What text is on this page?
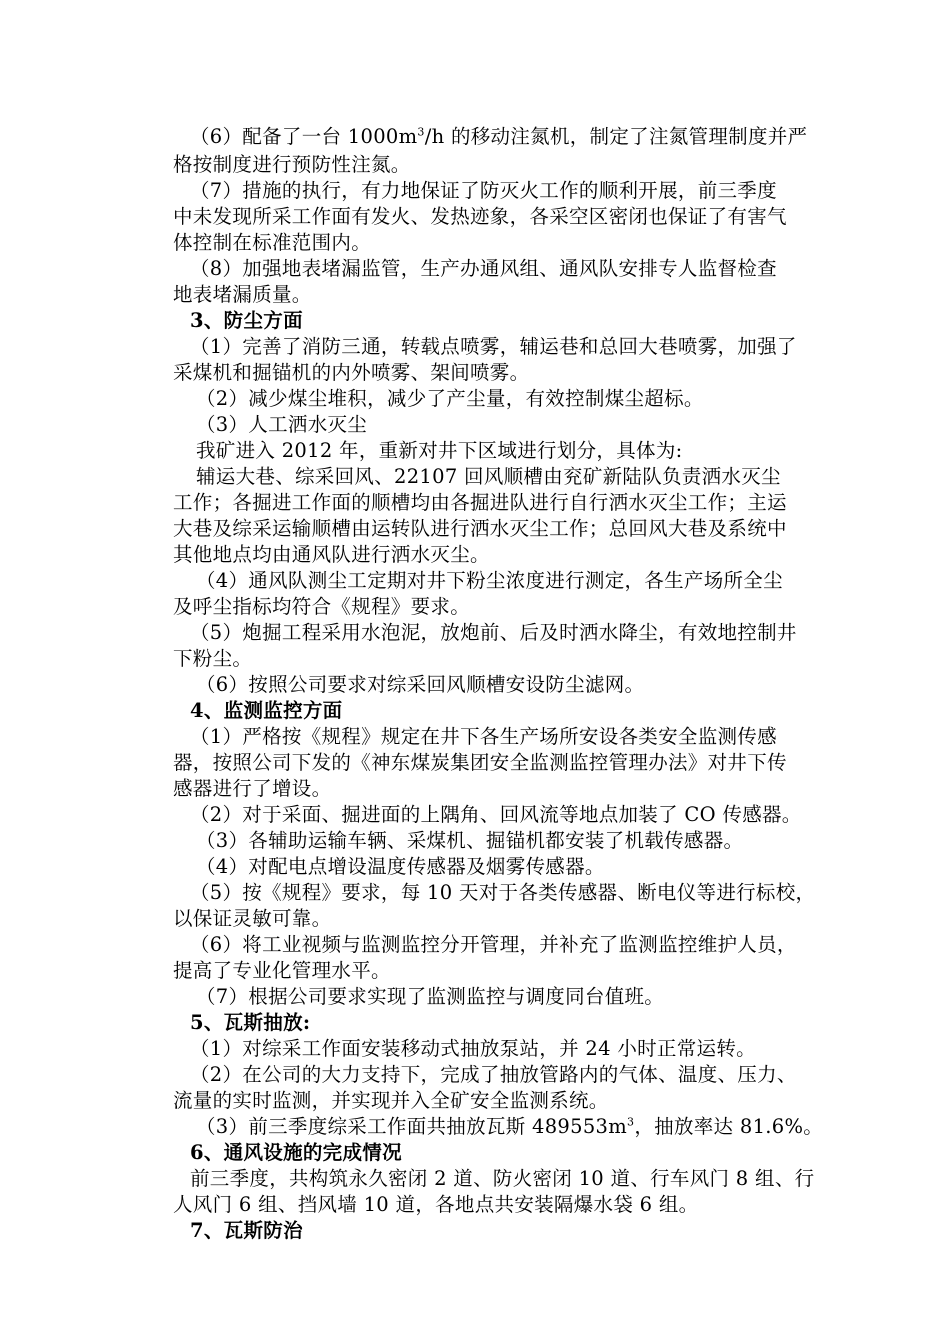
（6）配备了一台 $1000m^3/h$ 的移动注氮机，制定了注氮管理制度并严
格按制度进行预防性注氮。
（7）措施的执行，有力地保证了防灭火工作的顺利开展，前三季度
中未发现所采工作面有发火、发热迹象，各采空区密闭也保证了有害气
体控制在标准范围内。
（8）加强地表堵漏监管，生产办通风组、通风队安排专人监督检查
地表堵漏质量。
3、防尘方面
（1）完善了消防三通，转载点喷雾，辅运巷和总回大巷喷雾，加强了
采煤机和掘锚机的内外喷雾、架间喷雾。
（2）减少煤尘堆积，减少了产尘量，有效控制煤尘超标。
（3）人工洒水灭尘
我矿进入 2012 年，重新对井下区域进行划分，具体为:
辅运大巷、综采回风、22107 回风顺槽由兖矿新陆队负责洒水灭尘
工作；各掘进工作面的顺槽均由各掘进队进行自行洒水灭尘工作；主运
大巷及综采运输顺槽由运转队进行洒水灭尘工作；总回风大巷及系统中
其他地点均由通风队进行洒水灭尘。
（4）通风队测尘工定期对井下粉尘浓度进行测定，各生产场所全尘
及呼尘指标均符合《规程》要求。
（5）炮掘工程采用水泡泥，放炮前、后及时洒水降尘，有效地控制井
下粉尘。
（6）按照公司要求对综采回风顺槽安设防尘滤网。
4、监测监控方面
（1）严格按《规程》规定在井下各生产场所安设各类安全监测传感
器，按照公司下发的《神东煤炭集团安全监测监控管理办法》对井下传
感器进行了增设。
（2）对于采面、掘进面的上隅角、回风流等地点加装了 CO 传感器。
（3）各辅助运输车辆、采煤机、掘锚机都安装了机载传感器。
（4）对配电点增设温度传感器及烟雾传感器。
（5）按《规程》要求，每 10 天对于各类传感器、断电仪等进行标校，
以保证灵敏可靠。
（6）将工业视频与监测监控分开管理，并补充了监测监控维护人员，
提高了专业化管理水平。
（7）根据公司要求实现了监测监控与调度同台值班。
5、瓦斯抽放:
（1）对综采工作面安装移动式抽放泵站，并 24 小时正常运转。
（2）在公司的大力支持下，完成了抽放管路内的气体、温度、压力、
流量的实时监测，并实现并入全矿安全监测系统。
（3）前三季度综采工作面共抽放瓦斯 $489553m^3$，抽放率达 81.6%。
6、通风设施的完成情况
前三季度，共构筑永久密闭 2 道、防火密闭 10 道、行车风门 8 组、行
人风门 6 组、挡风墙 10 道，各地点共安装隔爆水袋 6 组。
7、瓦斯防治
